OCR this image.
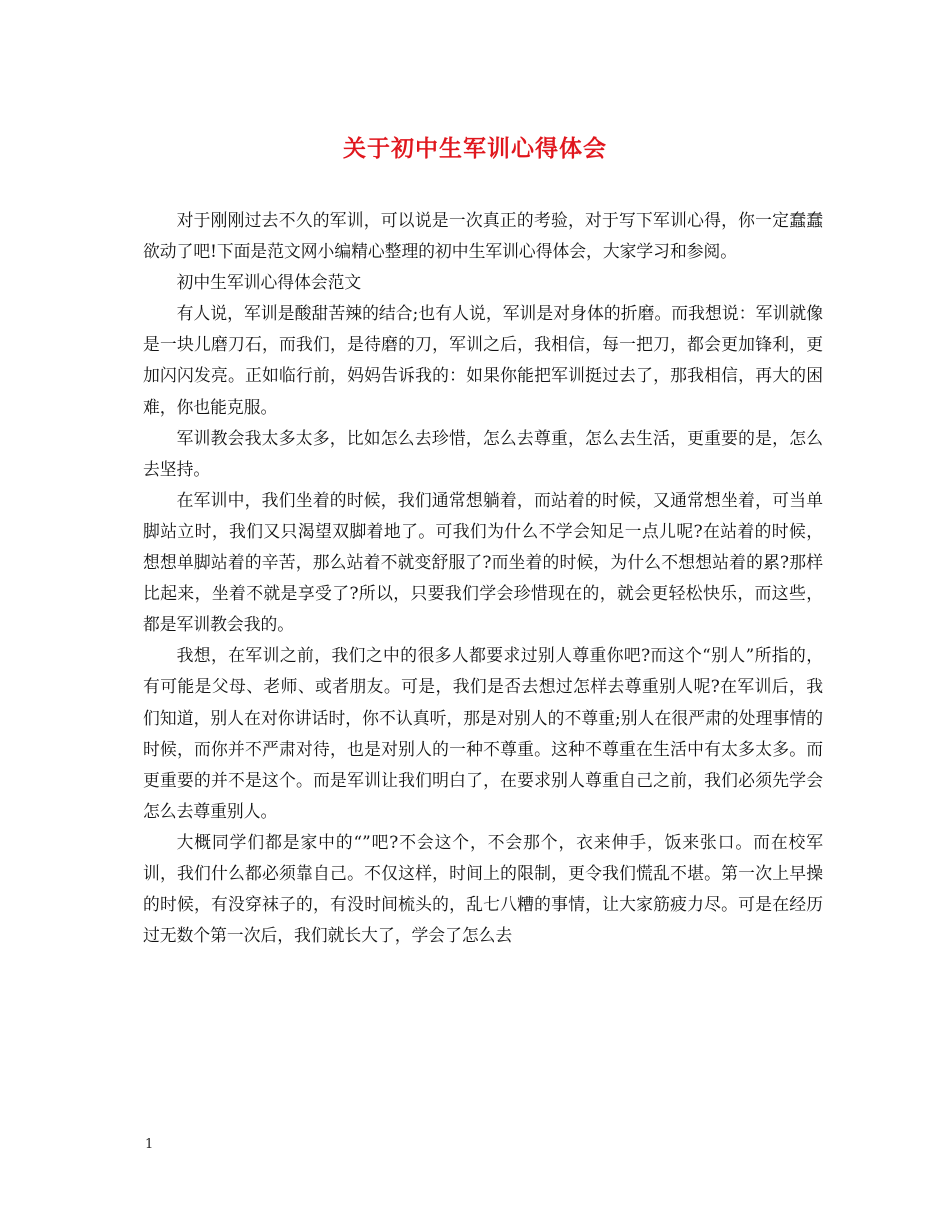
关于初中生军训心得体会

对于刚刚过去不久的军训，可以说是一次真正的考验，对于写下军训心得，你一定蠢蠢欲动了吧!下面是范文网小编精心整理的初中生军训心得体会，大家学习和参阅。

初中生军训心得体会范文

有人说，军训是酸甜苦辣的结合;也有人说，军训是对身体的折磨。而我想说：军训就像是一块儿磨刀石，而我们，是待磨的刀，军训之后，我相信，每一把刀，都会更加锋利，更加闪闪发亮。正如临行前，妈妈告诉我的：如果你能把军训挺过去了，那我相信，再大的困难，你也能克服。

军训教会我太多太多，比如怎么去珍惜，怎么去尊重，怎么去生活，更重要的是，怎么去坚持。

在军训中，我们坐着的时候，我们通常想躺着，而站着的时候，又通常想坐着，可当单脚站立时，我们又只渴望双脚着地了。可我们为什么不学会知足一点儿呢?在站着的时候，想想单脚站着的辛苦，那么站着不就变舒服了?而坐着的时候，为什么不想想站着的累?那样比起来，坐着不就是享受了?所以，只要我们学会珍惜现在的，就会更轻松快乐，而这些，都是军训教会我的。

我想，在军训之前，我们之中的很多人都要求过别人尊重你吧?而这个“别人”所指的，有可能是父母、老师、或者朋友。可是，我们是否去想过怎样去尊重别人呢?在军训后，我们知道，别人在对你讲话时，你不认真听，那是对别人的不尊重;别人在很严肃的处理事情的时候，而你并不严肃对待，也是对别人的一种不尊重。这种不尊重在生活中有太多太多。而更重要的并不是这个。而是军训让我们明白了，在要求别人尊重自己之前，我们必须先学会怎么去尊重别人。

大概同学们都是家中的“”吧?不会这个，不会那个，衣来伸手，饭来张口。而在校军训，我们什么都必须靠自己。不仅这样，时间上的限制，更令我们慌乱不堪。第一次上早操的时候，有没穿袜子的，有没时间梳头的，乱七八糟的事情，让大家筋疲力尽。可是在经历过无数个第一次后，我们就长大了，学会了怎么去

1
